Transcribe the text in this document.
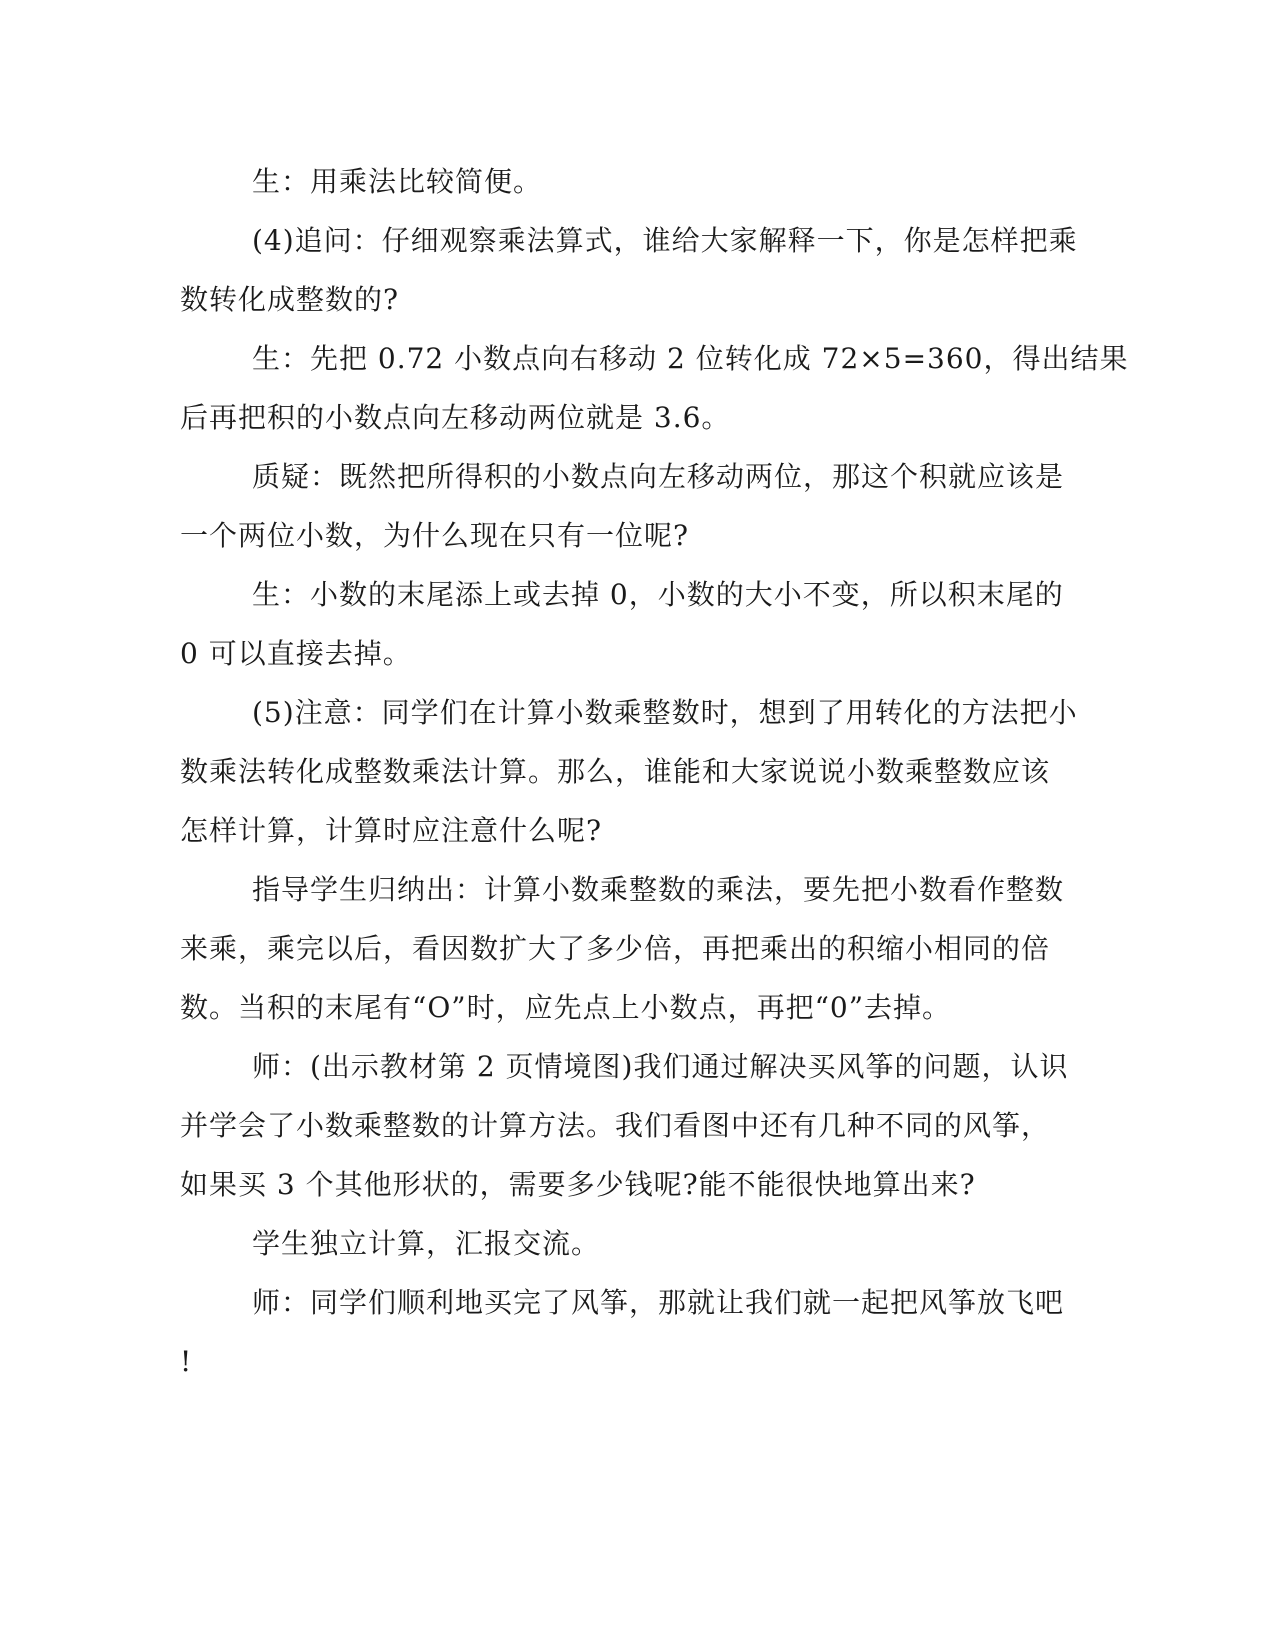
生：用乘法比较简便。
(4)追问：仔细观察乘法算式，谁给大家解释一下，你是怎样把乘
数转化成整数的?
生：先把 0.72 小数点向右移动 2 位转化成 72×5=360，得出结果
后再把积的小数点向左移动两位就是 3.6。
质疑：既然把所得积的小数点向左移动两位，那这个积就应该是
一个两位小数，为什么现在只有一位呢?
生：小数的末尾添上或去掉 0，小数的大小不变，所以积末尾的
0 可以直接去掉。
(5)注意：同学们在计算小数乘整数时，想到了用转化的方法把小
数乘法转化成整数乘法计算。那么，谁能和大家说说小数乘整数应该
怎样计算，计算时应注意什么呢?
指导学生归纳出：计算小数乘整数的乘法，要先把小数看作整数
来乘，乘完以后，看因数扩大了多少倍，再把乘出的积缩小相同的倍
数。当积的末尾有“O”时，应先点上小数点，再把“0”去掉。
师：(出示教材第 2 页情境图)我们通过解决买风筝的问题，认识
并学会了小数乘整数的计算方法。我们看图中还有几种不同的风筝，
如果买 3 个其他形状的，需要多少钱呢?能不能很快地算出来?
学生独立计算，汇报交流。
师：同学们顺利地买完了风筝，那就让我们就一起把风筝放飞吧
!
